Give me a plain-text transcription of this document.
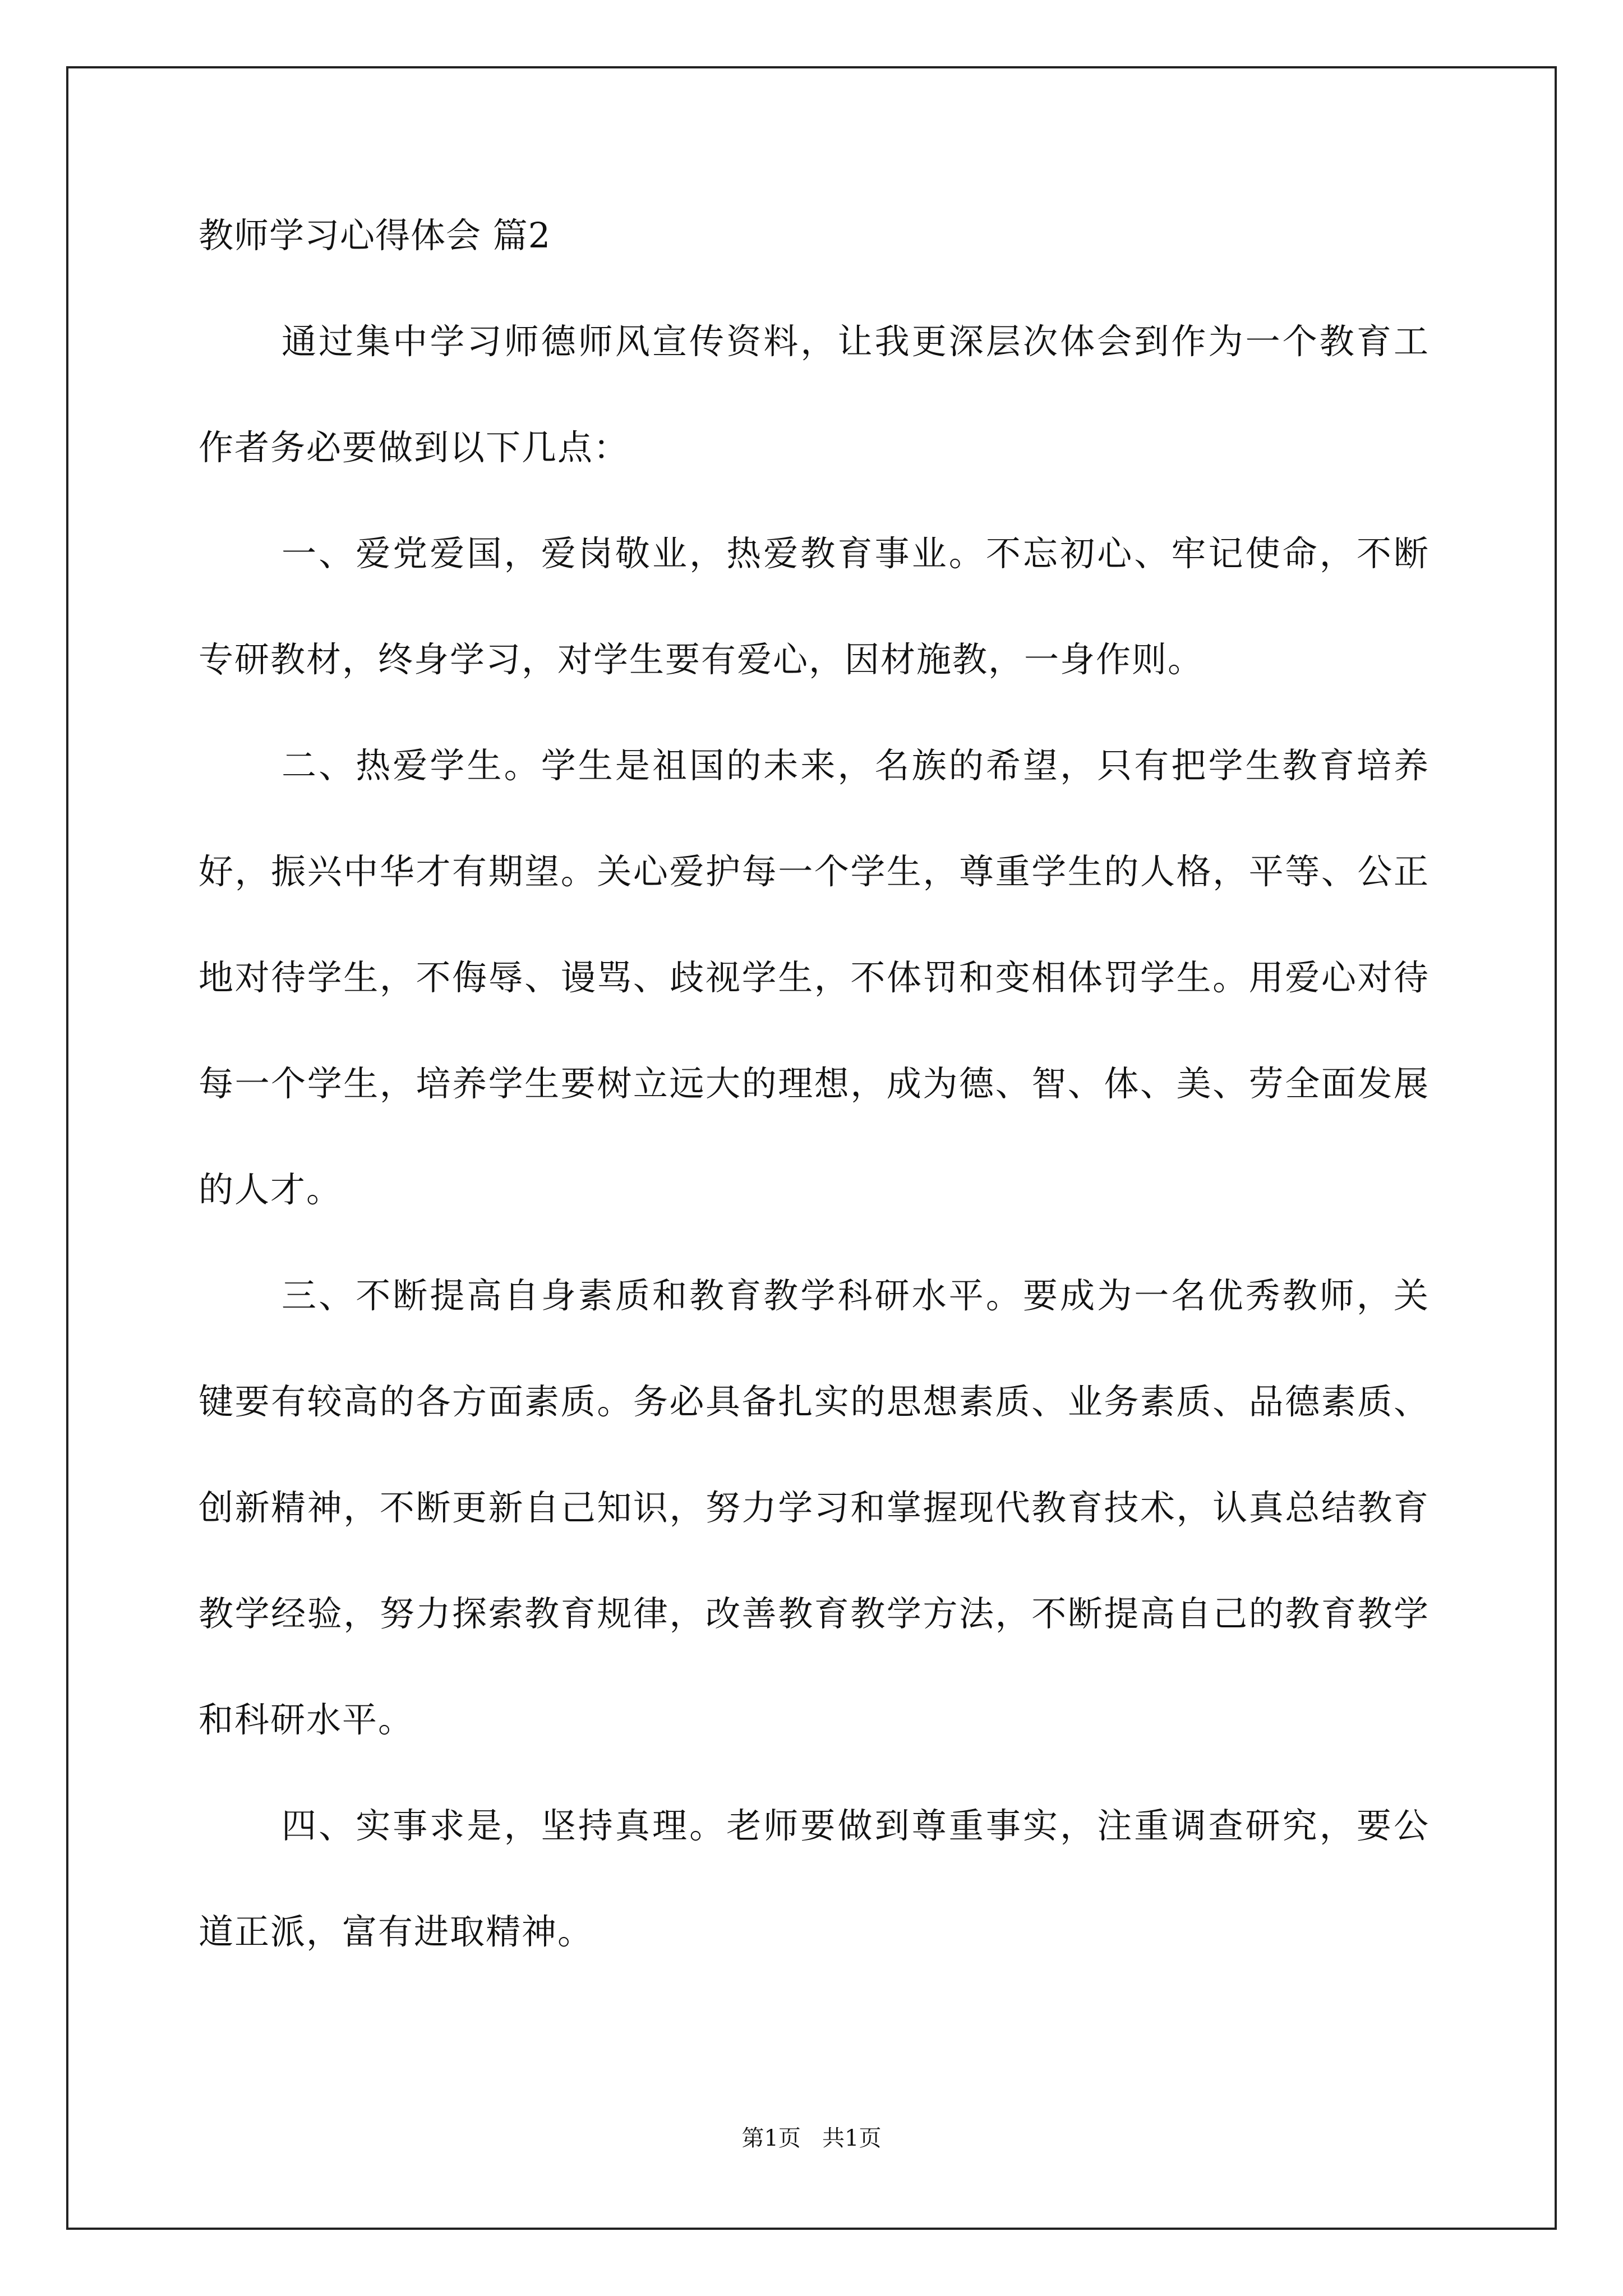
教师学习心得体会 篇2

通过集中学习师德师风宣传资料，让我更深层次体会到作为一个教育工作者务必要做到以下几点：

一、爱党爱国，爱岗敬业，热爱教育事业。不忘初心、牢记使命，不断专研教材，终身学习，对学生要有爱心，因材施教，一身作则。

二、热爱学生。学生是祖国的未来，名族的希望，只有把学生教育培养好，振兴中华才有期望。关心爱护每一个学生，尊重学生的人格，平等、公正地对待学生，不侮辱、谩骂、歧视学生，不体罚和变相体罚学生。用爱心对待每一个学生，培养学生要树立远大的理想，成为德、智、体、美、劳全面发展的人才。

三、不断提高自身素质和教育教学科研水平。要成为一名优秀教师，关键要有较高的各方面素质。务必具备扎实的思想素质、业务素质、品德素质、创新精神，不断更新自己知识，努力学习和掌握现代教育技术，认真总结教育教学经验，努力探索教育规律，改善教育教学方法，不断提高自己的教育教学和科研水平。

四、实事求是，坚持真理。老师要做到尊重事实，注重调查研究，要公道正派，富有进取精神。

第1页   共1页
